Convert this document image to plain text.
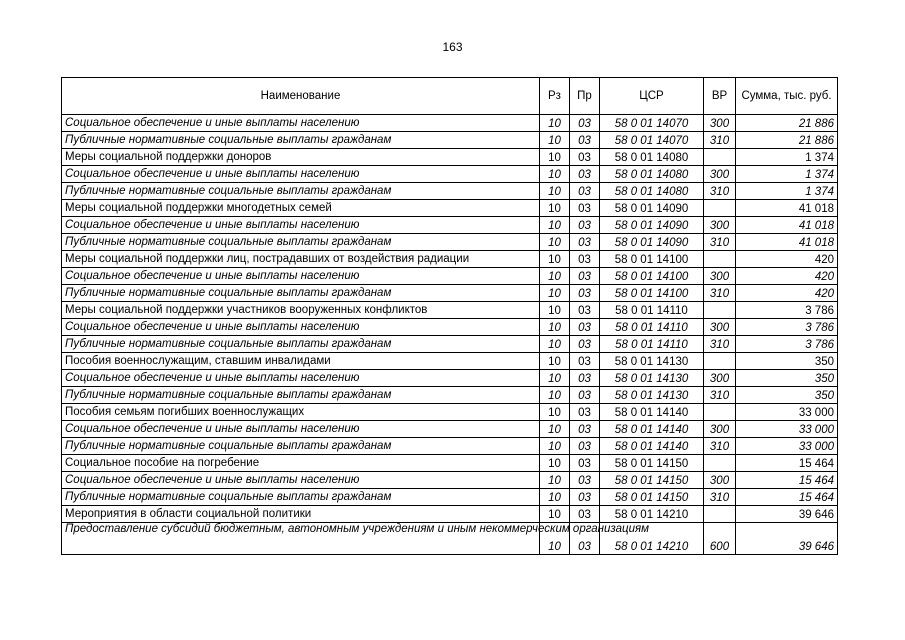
163
Наименование	Рз	Пр	ЦСР	ВР	Сумма, тыс. руб.
Социальное обеспечение и иные выплаты населению	10	03	58 0 01 14070	300	21 886
Публичные нормативные социальные выплаты гражданам	10	03	58 0 01 14070	310	21 886
Меры социальной поддержки доноров	10	03	58 0 01 14080		1 374
Социальное обеспечение и иные выплаты населению	10	03	58 0 01 14080	300	1 374
Публичные нормативные социальные выплаты гражданам	10	03	58 0 01 14080	310	1 374
Меры социальной поддержки многодетных семей	10	03	58 0 01 14090		41 018
Социальное обеспечение и иные выплаты населению	10	03	58 0 01 14090	300	41 018
Публичные нормативные социальные выплаты гражданам	10	03	58 0 01 14090	310	41 018
Меры социальной поддержки лиц, пострадавших от воздействия радиации	10	03	58 0 01 14100		420
Социальное обеспечение и иные выплаты населению	10	03	58 0 01 14100	300	420
Публичные нормативные социальные выплаты гражданам	10	03	58 0 01 14100	310	420
Меры социальной поддержки участников вооруженных конфликтов	10	03	58 0 01 14110		3 786
Социальное обеспечение и иные выплаты населению	10	03	58 0 01 14110	300	3 786
Публичные нормативные социальные выплаты гражданам	10	03	58 0 01 14110	310	3 786
Пособия военнослужащим, ставшим инвалидами	10	03	58 0 01 14130		350
Социальное обеспечение и иные выплаты населению	10	03	58 0 01 14130	300	350
Публичные нормативные социальные выплаты гражданам	10	03	58 0 01 14130	310	350
Пособия семьям погибших военнослужащих	10	03	58 0 01 14140		33 000
Социальное обеспечение и иные выплаты населению	10	03	58 0 01 14140	300	33 000
Публичные нормативные социальные выплаты гражданам	10	03	58 0 01 14140	310	33 000
Социальное пособие на погребение	10	03	58 0 01 14150		15 464
Социальное обеспечение и иные выплаты населению	10	03	58 0 01 14150	300	15 464
Публичные нормативные социальные выплаты гражданам	10	03	58 0 01 14150	310	15 464
Мероприятия в области социальной политики	10	03	58 0 01 14210		39 646
Предоставление субсидий бюджетным, автономным учреждениям и иным некоммерческим организациям	10	03	58 0 01 14210	600	39 646
